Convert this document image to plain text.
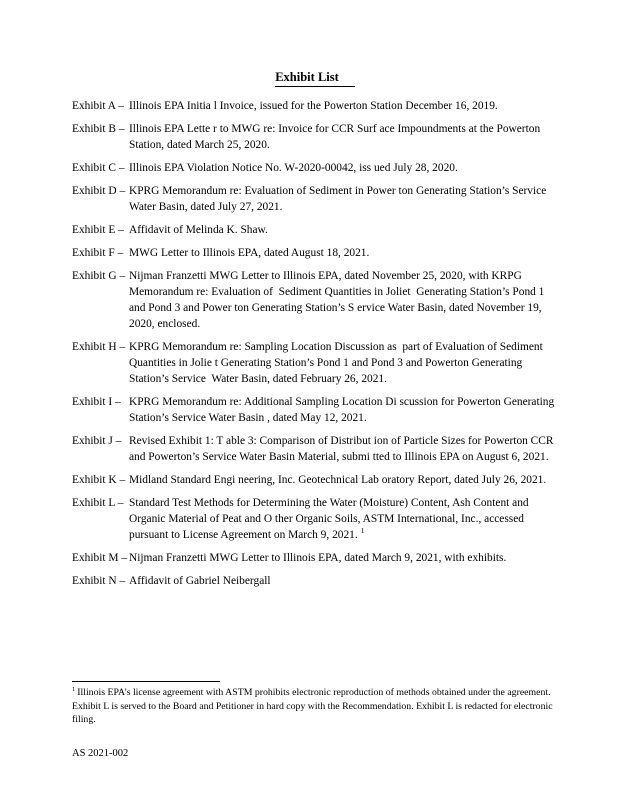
Exhibit List
Exhibit A – Illinois EPA Initia l Invoice, issued for the Powerton Station December 16, 2019.
Exhibit B – Illinois EPA Lette r to MWG re: Invoice for CCR Surf ace Impoundments at the Powerton Station, dated March 25, 2020.
Exhibit C – Illinois EPA Violation Notice No. W-2020-00042, iss ued July 28, 2020.
Exhibit D – KPRG Memorandum re: Evaluation of Sediment in Power ton Generating Station’s Service Water Basin, dated July 27, 2021.
Exhibit E – Affidavit of Melinda K. Shaw.
Exhibit F – MWG Letter to Illinois EPA, dated August 18, 2021.
Exhibit G – Nijman Franzetti MWG Letter to Illinois EPA, dated November 25, 2020, with KRPG Memorandum re: Evaluation of  Sediment Quantities in Joliet  Generating Station’s Pond 1 and Pond 3 and Power ton Generating Station’s S ervice Water Basin, dated November 19, 2020, enclosed.
Exhibit H – KPRG Memorandum re: Sampling Location Discussion as  part of Evaluation of Sediment Quantities in Jolie t Generating Station’s Pond 1 and Pond 3 and Powerton Generating Station’s Service  Water Basin, dated February 26, 2021.
Exhibit I – KPRG Memorandum re: Additional Sampling Location Di scussion for Powerton Generating Station’s Service Water Basin , dated May 12, 2021.
Exhibit J – Revised Exhibit 1: T able 3: Comparison of Distribut ion of Particle Sizes for Powerton CCR and Powerton’s Service Water Basin Material, submi tted to Illinois EPA on August 6, 2021.
Exhibit K – Midland Standard Engi neering, Inc. Geotechnical Lab oratory Report, dated July 26, 2021.
Exhibit L – Standard Test Methods for Determining the Water (Moisture) Content, Ash Content and Organic Material of Peat and O ther Organic Soils, ASTM International, Inc., accessed pursuant to License Agreement on March 9, 2021. $^1$
Exhibit M – Nijman Franzetti MWG Letter to Illinois EPA, dated March 9, 2021, with exhibits.
Exhibit N – Affidavit of Gabriel Neibergall
$^1$ Illinois EPA’s license agreement with ASTM prohibits electronic reproduction of methods obtained under the agreement. Exhibit L is served to the Board and Petitioner in hard copy with the Recommendation. Exhibit L is redacted for electronic filing.
AS 2021-002
